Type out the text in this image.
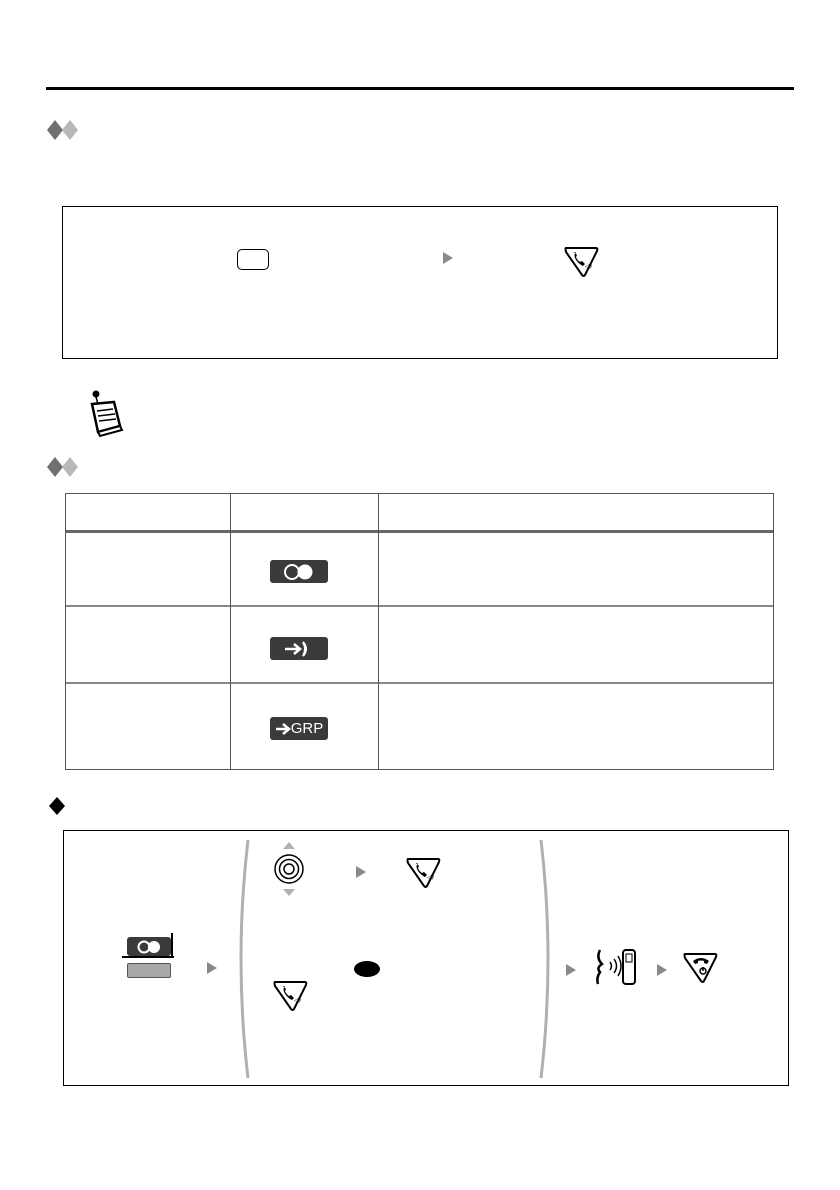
◁)
GRP
◁)
◁)
